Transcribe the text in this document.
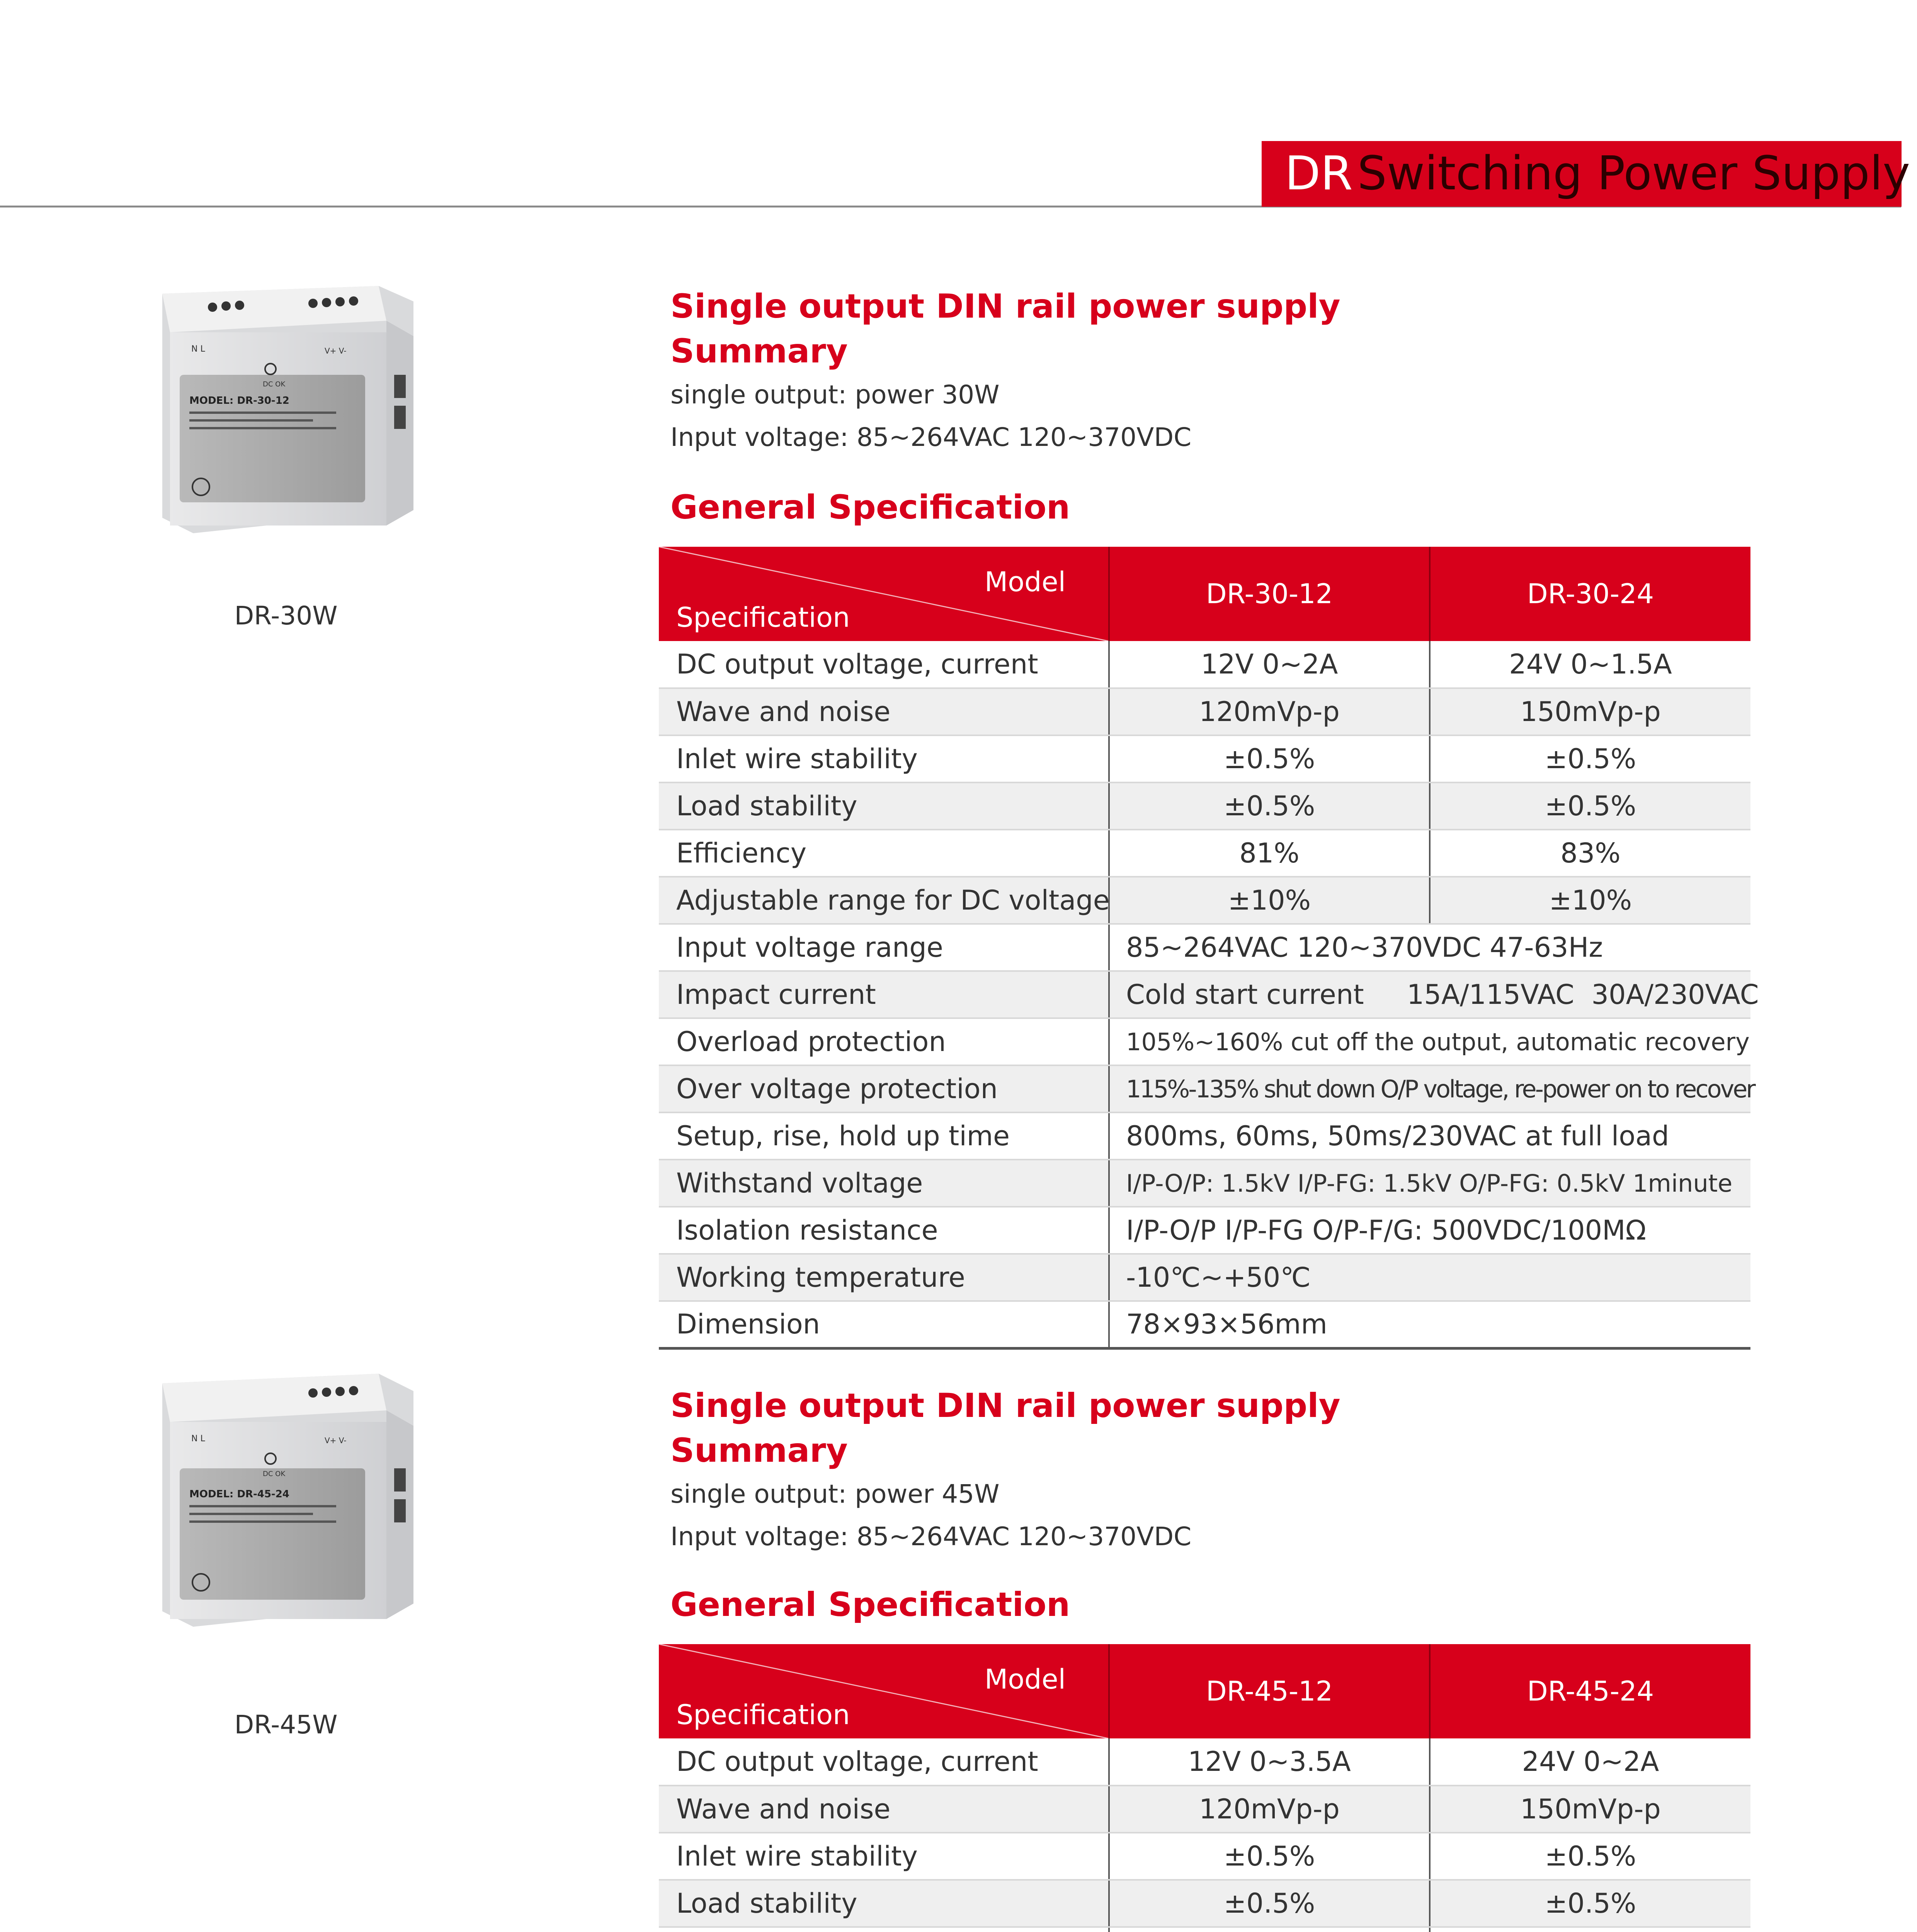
DR Switching Power Supply
DC OK
N L	V+ V-
MODEL: DR-30-12
DR-30W
Single output DIN rail power supply
Summary

single output: power 30W

Input voltage: 85~264VAC 120~370VDC

General Specification
Model
Specification	DR-30-12	DR-30-24
DC output voltage, current	12V 0~2A	24V 0~1.5A
Wave and noise	120mVp-p	150mVp-p
Inlet wire stability	±0.5%	±0.5%
Load stability	±0.5%	±0.5%
Efficiency	81%	83%
Adjustable range for DC voltage	±10%	±10%
Input voltage range	85~264VAC 120~370VDC 47-63Hz	
Impact current	Cold start current     15A/115VAC  30A/230VAC	
Overload protection	105%~160% cut off the output, automatic recovery	
Over voltage protection	115%-135% shut down O/P voltage, re-power on to recover	
Setup, rise, hold up time	800ms, 60ms, 50ms/230VAC at full load	
Withstand voltage	I/P-O/P: 1.5kV I/P-FG: 1.5kV O/P-FG: 0.5kV 1minute	
Isolation resistance	I/P-O/P I/P-FG O/P-F/G: 500VDC/100MΩ	
Working temperature	-10℃~+50℃	
Dimension	78×93×56mm	
DC OK
N L	V+ V-
MODEL: DR-45-24
DR-45W
Single output DIN rail power supply
Summary

single output: power 45W

Input voltage: 85~264VAC 120~370VDC

General Specification
Model
Specification	DR-45-12	DR-45-24
DC output voltage, current	12V 0~3.5A	24V 0~2A
Wave and noise	120mVp-p	150mVp-p
Inlet wire stability	±0.5%	±0.5%
Load stability	±0.5%	±0.5%
